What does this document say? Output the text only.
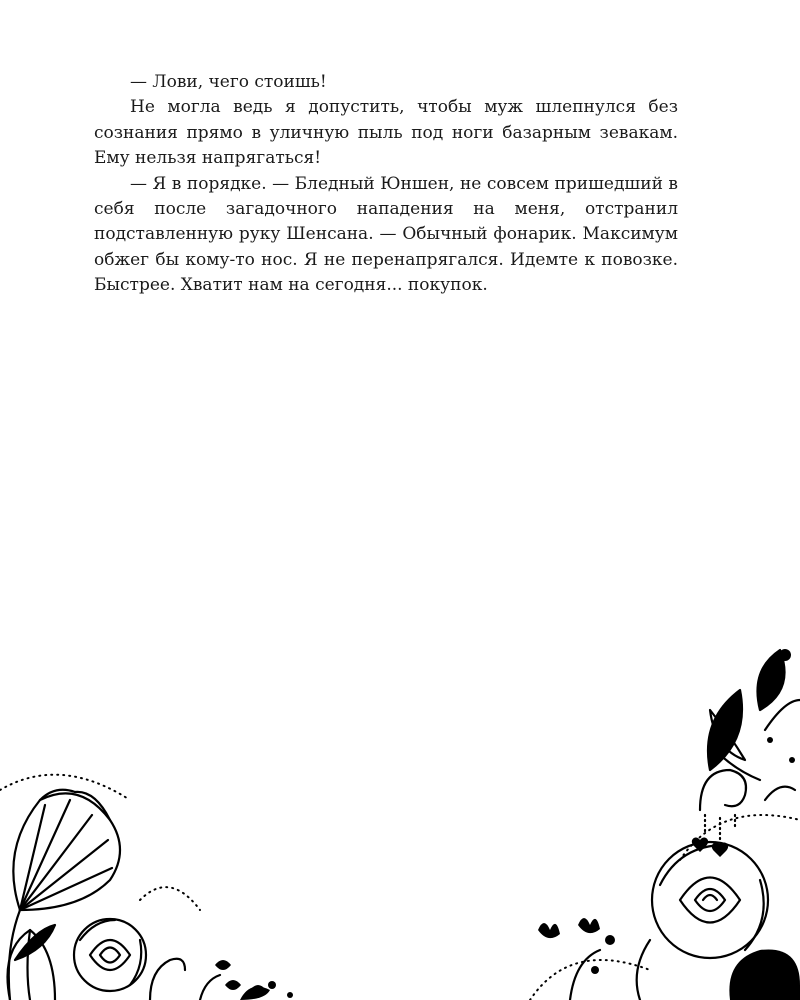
— Лови, чего стоишь!

Не могла ведь я допустить, чтобы муж шлепнулся без сознания прямо в уличную пыль под ноги базарным зевакам. Ему нельзя напрягаться!

— Я в порядке. — Бледный Юншен, не совсем пришедший в себя после загадочного нападения на меня, отстранил подставленную руку Шенсана. — Обычный фонарик. Максимум обжег бы кому-то нос. Я не перенапрягался. Идемте к повозке. Быстрее. Хватит нам на сегодня... покупок.
